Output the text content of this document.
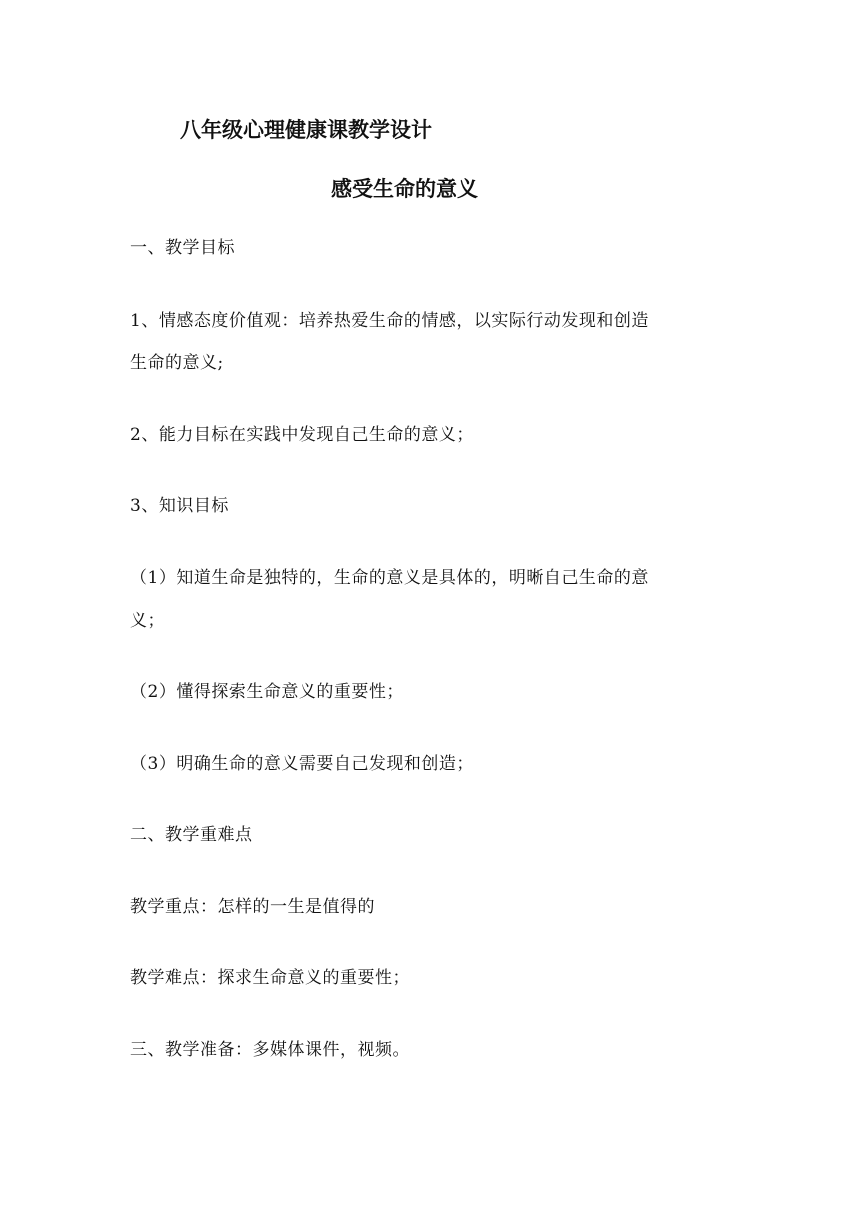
八年级心理健康课教学设计
感受生命的意义
一、教学目标
1、情感态度价值观：培养热爱生命的情感，以实际行动发现和创造
生命的意义;
2、能力目标在实践中发现自己生命的意义；
3、知识目标
（1）知道生命是独特的，生命的意义是具体的，明晰自己生命的意
义；
（2）懂得探索生命意义的重要性；
（3）明确生命的意义需要自己发现和创造；
二、教学重难点
教学重点：怎样的一生是值得的
教学难点：探求生命意义的重要性；
三、教学准备：多媒体课件，视频。
